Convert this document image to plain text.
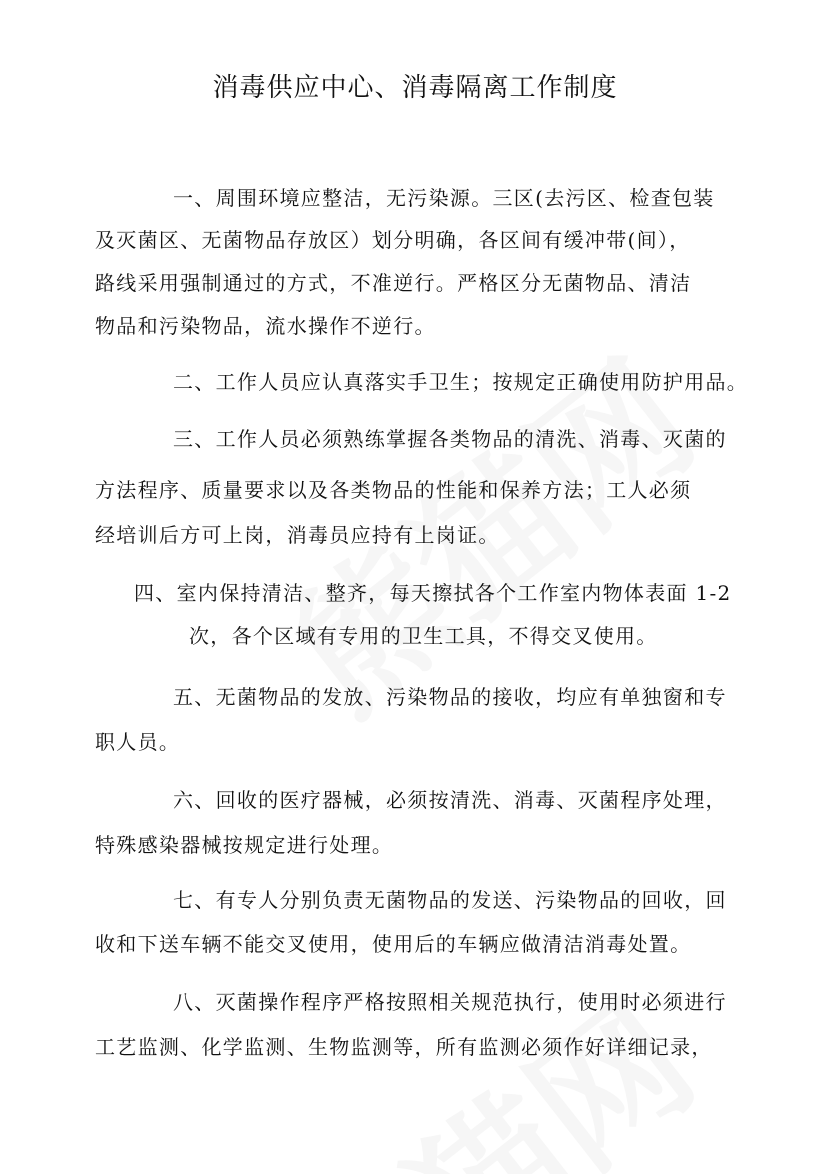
消毒供应中心、消毒隔离工作制度
一、周围环境应整洁，无污染源。三区(去污区、检查包装
及灭菌区、无菌物品存放区）划分明确，各区间有缓冲带(间），
路线采用强制通过的方式，不准逆行。严格区分无菌物品、清洁
物品和污染物品，流水操作不逆行。
二、工作人员应认真落实手卫生；按规定正确使用防护用品。
三、工作人员必须熟练掌握各类物品的清洗、消毒、灭菌的
方法程序、质量要求以及各类物品的性能和保养方法；工人必须
经培训后方可上岗，消毒员应持有上岗证。
四、室内保持清洁、整齐，每天擦拭各个工作室内物体表面 1-2
次，各个区域有专用的卫生工具，不得交叉使用。
五、无菌物品的发放、污染物品的接收，均应有单独窗和专
职人员。
六、回收的医疗器械，必须按清洗、消毒、灭菌程序处理，
特殊感染器械按规定进行处理。
七、有专人分别负责无菌物品的发送、污染物品的回收，回
收和下送车辆不能交叉使用，使用后的车辆应做清洁消毒处置。
八、灭菌操作程序严格按照相关规范执行，使用时必须进行
工艺监测、化学监测、生物监测等，所有监测必须作好详细记录，
